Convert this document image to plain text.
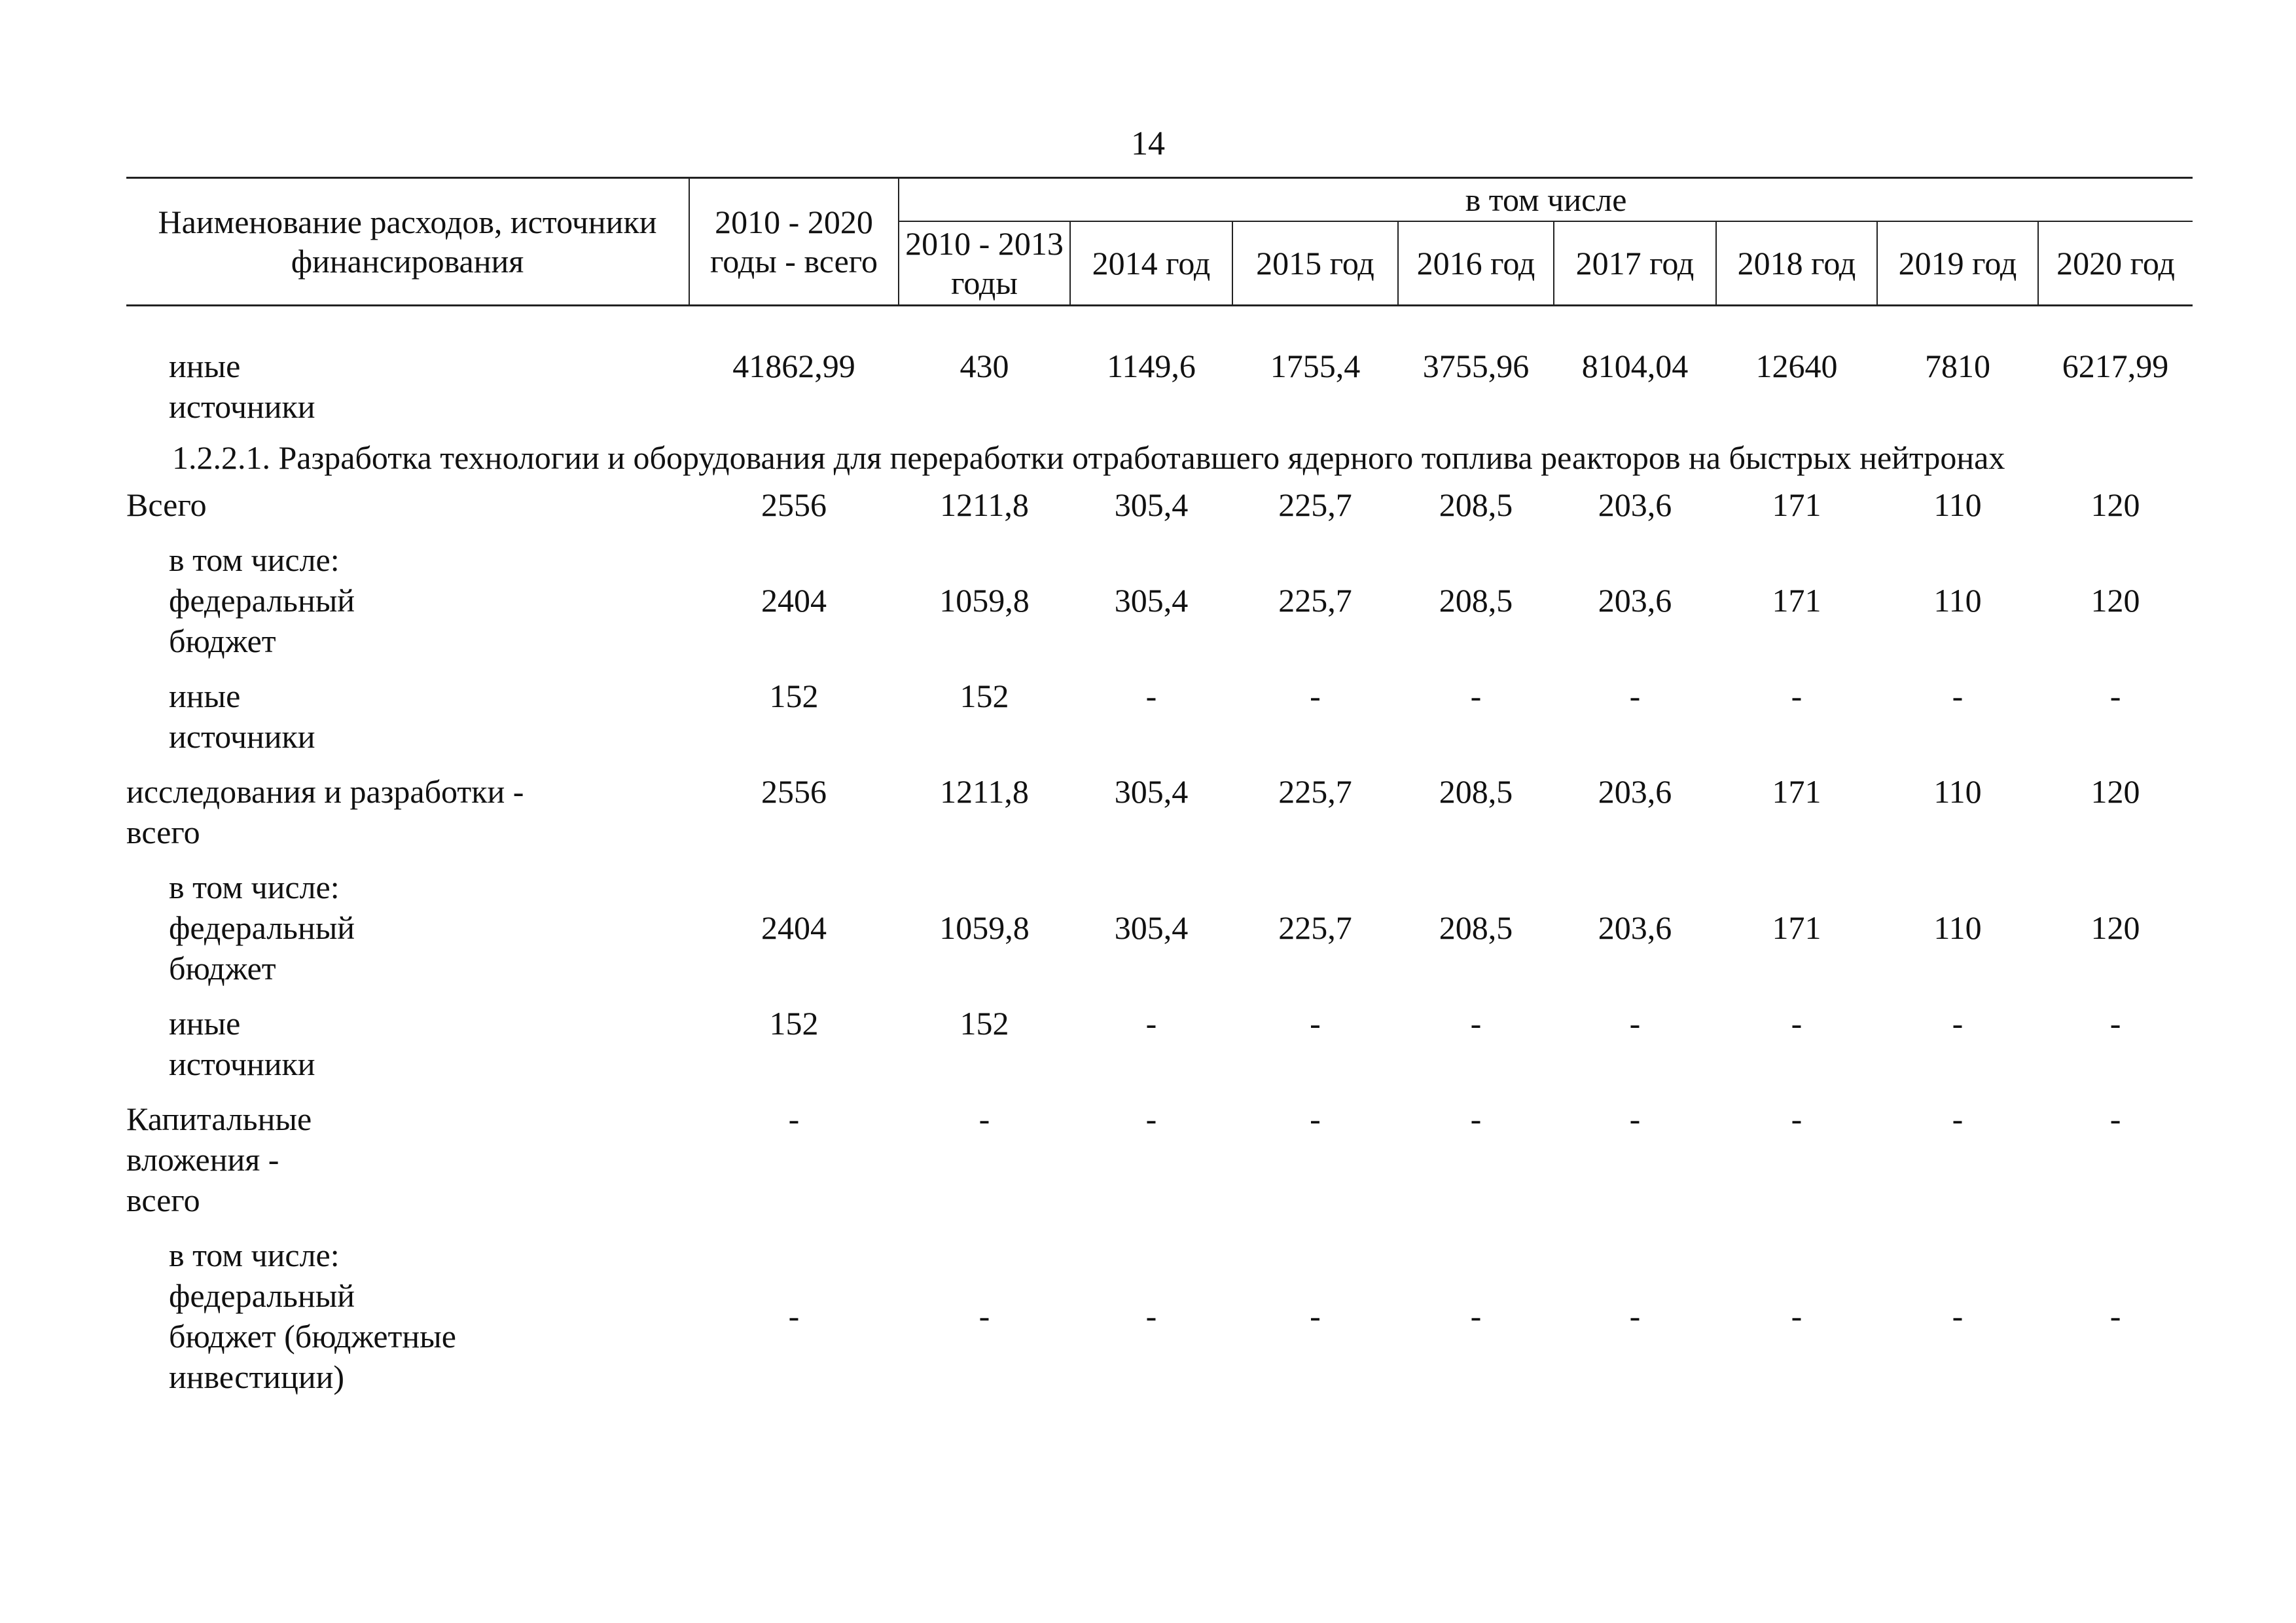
14
Наименование расходов, источники финансирования	2010 - 2020 годы - всего	в том числе							
		2010 - 2013 годы	2014 год	2015 год	2016 год	2017 год	2018 год	2019 год	2020 год

иные
источники	41862,99	430	1149,6	1755,4	3755,96	8104,04	12640	7810	6217,99
1.2.2.1. Разработка технологии и оборудования для переработки отработавшего ядерного топлива реакторов на быстрых нейтронах									
Всего	2556	1211,8	305,4	225,7	208,5	203,6	171	110	120

в том числе:
федеральный
бюджет	2404	1059,8	305,4	225,7	208,5	203,6	171	110	120

иные
источники	152	152	-	-	-	-	-	-	-

исследования и разработки -
всего	2556	1211,8	305,4	225,7	208,5	203,6	171	110	120

в том числе:
федеральный
бюджет	2404	1059,8	305,4	225,7	208,5	203,6	171	110	120

иные
источники	152	152	-	-	-	-	-	-	-

Капитальные
вложения -
всего	-	-	-	-	-	-	-	-	-

в том числе:
федеральный
бюджет (бюджетные
инвестиции)	-	-	-	-	-	-	-	-	-
